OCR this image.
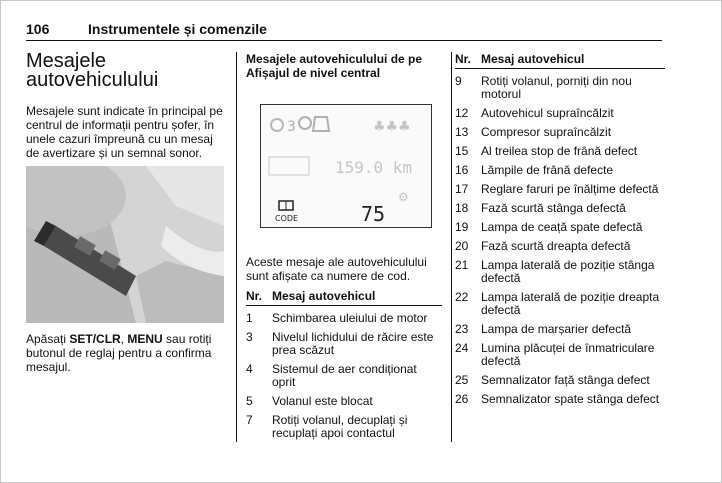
106	Instrumentele și comenzile
Mesajele
autovehiculului

Mesajele sunt indicate în principal pe centrul de informații pentru șofer, în unele cazuri împreună cu un mesaj de avertizare și un semnal sonor.

Apăsați SET/CLR, MENU sau rotiți butonul de reglaj pentru a confirma mesajul.

Mesajele autovehiculului de pe
Afișajul de nivel central
3	♣♣♣
159.0 km
⚙
CODE	75

Aceste mesaje ale autovehiculului sunt afișate ca numere de cod.

Nr. Mesaj autovehicul
1	Schimbarea uleiului de motor
3	Nivelul lichidului de răcire este prea scăzut
4	Sistemul de aer condiționat oprit
5	Volanul este blocat
7	Rotiți volanul, decuplați și recuplați apoi contactul
Nr. Mesaj autovehicul
9	Rotiți volanul, porniți din nou motorul
12	Autovehicul supraîncălzit
13	Compresor supraîncălzit
15	Al treilea stop de frână defect
16	Lămpile de frână defecte
17	Reglare faruri pe înălțime defectă
18	Fază scurtă stânga defectă
19	Lampa de ceață spate defectă
20	Fază scurtă dreapta defectă
21	Lampa laterală de poziție stânga defectă
22	Lampa laterală de poziție dreapta defectă
23	Lampa de marșarier defectă
24	Lumina plăcuței de înmatriculare defectă
25	Semnalizator față stânga defect
26	Semnalizator spate stânga defect
